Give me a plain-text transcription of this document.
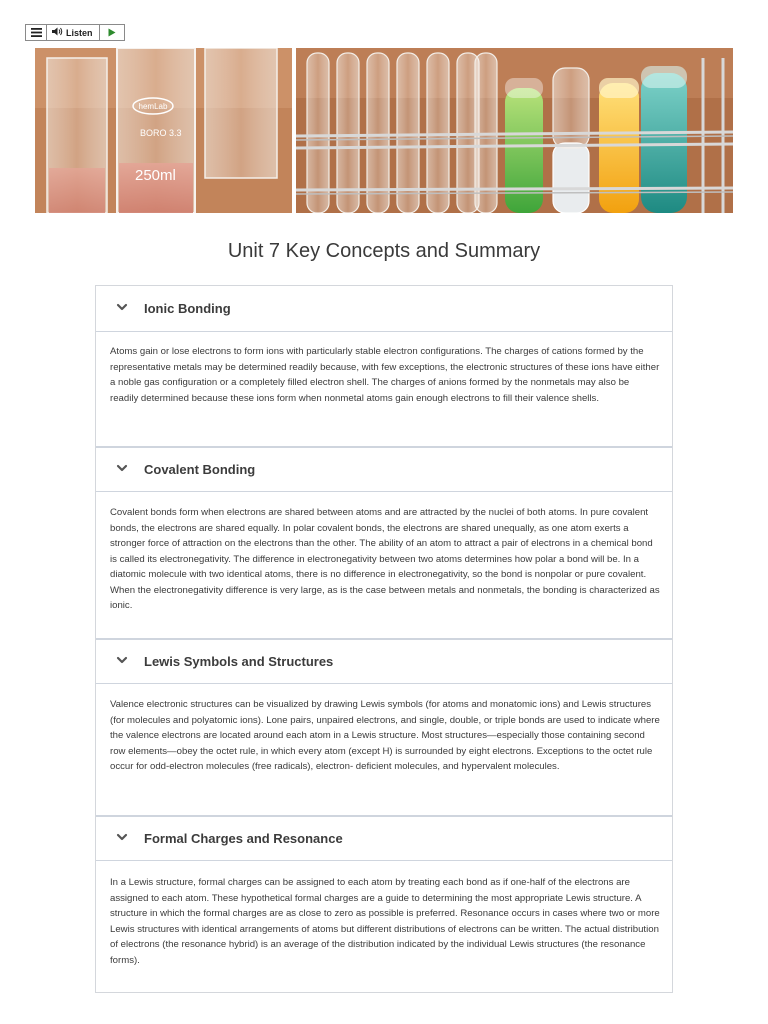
Listen
hemLab
BORO 3.3
250ml
Unit 7 Key Concepts and Summary
Ionic Bonding

Atoms gain or lose electrons to form ions with particularly stable electron configurations. The charges of cations formed by the representative metals may be determined readily because, with few exceptions, the electronic structures of these ions have either a noble gas configuration or a completely filled electron shell. The charges of anions formed by the nonmetals may also be readily determined because these ions form when nonmetal atoms gain enough electrons to fill their valence shells.

Covalent Bonding

Covalent bonds form when electrons are shared between atoms and are attracted by the nuclei of both atoms. In pure covalent bonds, the electrons are shared equally. In polar covalent bonds, the electrons are shared unequally, as one atom exerts a stronger force of attraction on the electrons than the other. The ability of an atom to attract a pair of electrons in a chemical bond is called its electronegativity. The difference in electronegativity between two atoms determines how polar a bond will be. In a diatomic molecule with two identical atoms, there is no difference in electronegativity, so the bond is nonpolar or pure covalent. When the electronegativity difference is very large, as is the case between metals and nonmetals, the bonding is characterized as ionic.

Lewis Symbols and Structures

Valence electronic structures can be visualized by drawing Lewis symbols (for atoms and monatomic ions) and Lewis structures (for molecules and polyatomic ions). Lone pairs, unpaired electrons, and single, double, or triple bonds are used to indicate where the valence electrons are located around each atom in a Lewis structure. Most structures—especially those containing second row elements—obey the octet rule, in which every atom (except H) is surrounded by eight electrons. Exceptions to the octet rule occur for odd-electron molecules (free radicals), electron- deficient molecules, and hypervalent molecules.

Formal Charges and Resonance

In a Lewis structure, formal charges can be assigned to each atom by treating each bond as if one-half of the electrons are assigned to each atom. These hypothetical formal charges are a guide to determining the most appropriate Lewis structure. A structure in which the formal charges are as close to zero as possible is preferred. Resonance occurs in cases where two or more Lewis structures with identical arrangements of atoms but different distributions of electrons can be written. The actual distribution of electrons (the resonance hybrid) is an average of the distribution indicated by the individual Lewis structures (the resonance forms).
